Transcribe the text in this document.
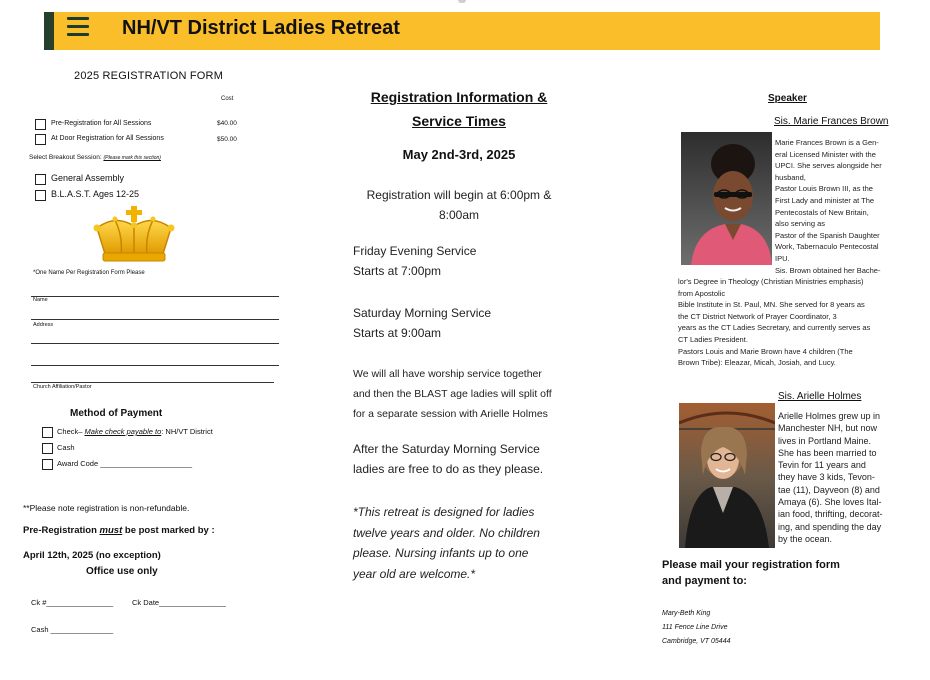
NH/VT District Ladies Retreat
2025 REGISTRATION FORM
Cost
Pre-Registration for All Sessions	$40.00
At Door Registration for All Sessions	$50.00
Select Breakout Session: (Please mark this section)
General Assembly
B.L.A.S.T. Ages 12-25
*One Name Per Registration Form Please
Name
Address
Church Affiliation/Pastor
Method of Payment
Check– Make check payable to: NH/VT District
Cash
Award Code ______________________
**Please note registration is non-refundable.
Pre-Registration must be post marked by :
April 12th, 2025 (no exception)
Office use only
Ck #________________	Ck Date________________
Cash _______________
Registration Information &
Service Times
May 2nd-3rd, 2025
Registration will begin at 6:00pm &
8:00am
Friday Evening Service
Starts at 7:00pm
Saturday Morning Service
Starts at 9:00am
We will all have worship service together
and then the BLAST age ladies will split off
for a separate session with Arielle Holmes
After the Saturday Morning Service
ladies are free to do as they please.
*This retreat is designed for ladies
twelve years and older. No children
please. Nursing infants up to one
year old are welcome.*
Speaker
Sis. Marie Frances Brown
Marie Frances Brown is a Gen-
eral Licensed Minister with the
UPCI. She serves alongside her
husband,
Pastor Louis Brown III, as the
First Lady and minister at The
Pentecostals of New Britain,
also serving as
Pastor of the Spanish Daughter
Work, Tabernaculo Pentecostal
IPU.
Sis. Brown obtained her Bache-
lor's Degree in Theology (Christian Ministries emphasis)
from Apostolic
Bible Institute in St. Paul, MN. She served for 8 years as
the CT District Network of Prayer Coordinator, 3
years as the CT Ladies Secretary, and currently serves as
CT Ladies President.
Pastors Louis and Marie Brown have 4 children (The
Brown Tribe): Eleazar, Micah, Josiah, and Lucy.
Sis. Arielle Holmes
Arielle Holmes grew up in
Manchester NH, but now
lives in Portland Maine.
She has been married to
Tevin for 11 years and
they have 3 kids, Tevon-
tae (11), Dayveon (8) and
Amaya (6). She loves Ital-
ian food, thrifting, decorat-
ing, and spending the day
by the ocean.
Please mail your registration form
and payment to:
Mary-Beth King
111 Fence Line Drive
Cambridge, VT 05444
